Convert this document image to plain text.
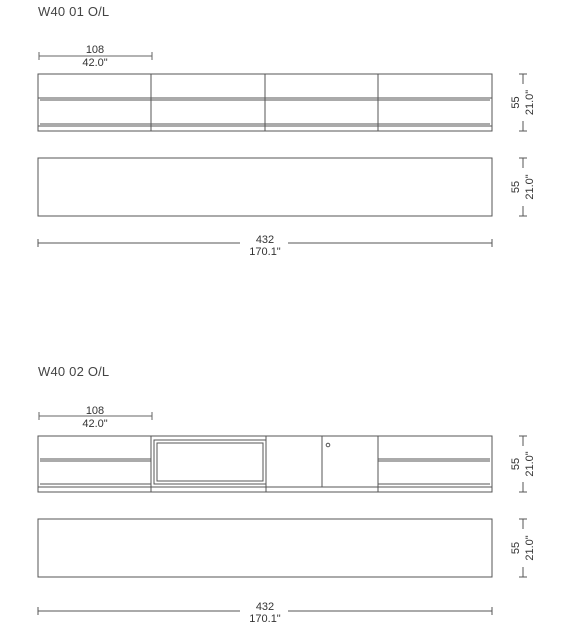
W40 01 O/L
W40 02 O/L
108
42.0"
55 21.0"
55 21.0"
432
170.1"
108
42.0"
55 21.0"
55 21.0"
432
170.1"
